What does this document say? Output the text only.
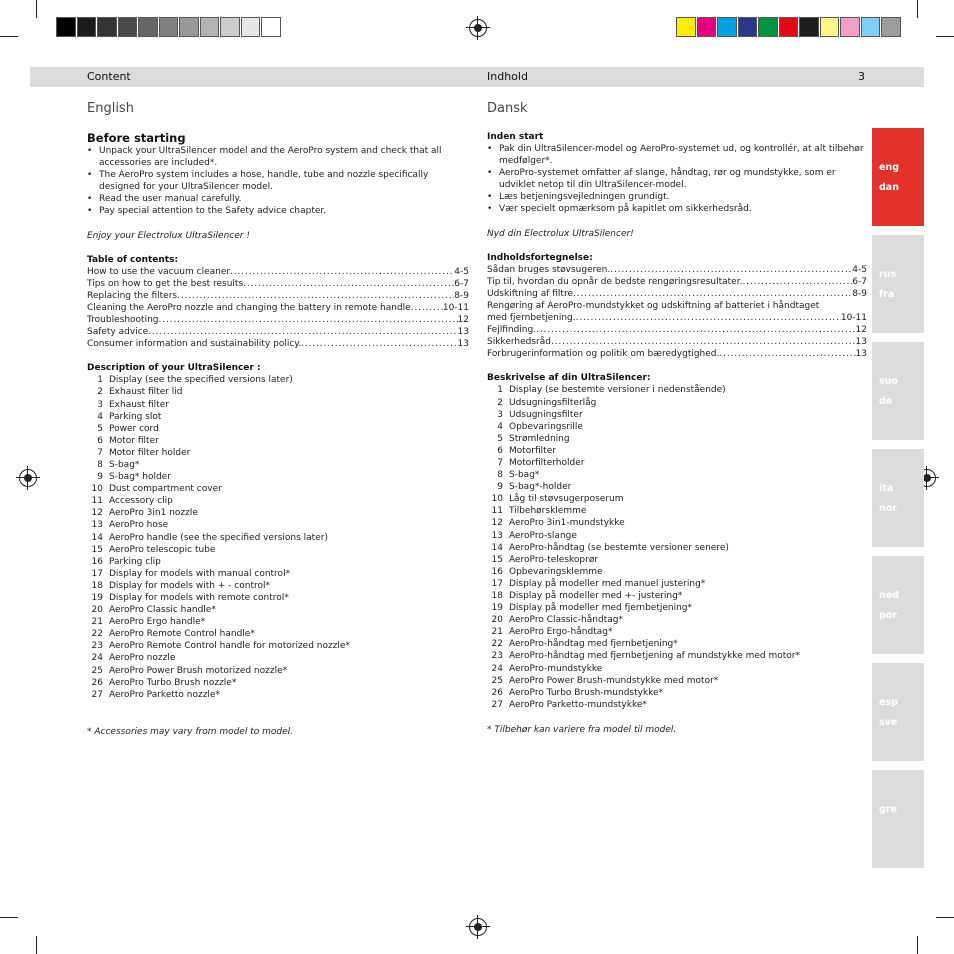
Content	Indhold	3
English
Before starting
• Unpack your UltraSilencer model and the AeroPro system and check that all accessories are included*.
• The AeroPro system includes a hose, handle, tube and nozzle specifically designed for your UltraSilencer model.
• Read the user manual carefully.
• Pay special attention to the Safety advice chapter.
Enjoy your Electrolux UltraSilencer !
Table of contents:
How to use the vacuum cleaner . . .	4-5
Tips on how to get the best results . . .	6-7
Replacing the filters . . .	8-9
Cleaning the AeroPro nozzle and changing the battery in remote handle . . .	10-11
Troubleshooting . . .	12
Safety advice . . .	13
Consumer information and sustainability policy. . . .	13
Description of your UltraSilencer :
1 Display (see the specified versions later)
2 Exhaust filter lid
3 Exhaust filter
4 Parking slot
5 Power cord
6 Motor filter
7 Motor filter holder
8 S-bag*
9 S-bag* holder
10 Dust compartment cover
11 Accessory clip
12 AeroPro 3in1 nozzle
13 AeroPro hose
14 AeroPro handle (see the specified versions later)
15 AeroPro telescopic tube
16 Parking clip
17 Display for models with manual control*
18 Display for models with + - control*
19 Display for models with remote control*
20 AeroPro Classic handle*
21 AeroPro Ergo handle*
22 AeroPro Remote Control handle*
23 AeroPro Remote Control handle for motorized nozzle*
24 AeroPro nozzle
25 AeroPro Power Brush motorized nozzle*
26 AeroPro Turbo Brush nozzle*
27 AeroPro Parketto nozzle*
* Accessories may vary from model to model.
Dansk
Inden start
• Pak din UltraSilencer-model og AeroPro-systemet ud, og kontrollér, at alt tilbehør medfølger*.
• AeroPro-systemet omfatter af slange, håndtag, rør og mundstykke, som er udviklet netop til din UltraSilencer-model.
• Læs betjeningsvejledningen grundigt.
• Vær specielt opmærksom på kapitlet om sikkerhedsråd.
Nyd din Electrolux UltraSilencer!
Indholdsfortegnelse:
Sådan bruges støvsugeren. . . .	4-5
Tip til, hvordan du opnår de bedste rengøringsresultater. . . .	6-7
Udskiftning af filtre . . .	8-9
Rengøring af AeroPro-mundstykket og udskiftning af batteriet i håndtaget
med fjernbetjening. . . .	10-11
Fejlfinding. . . .	12
Sikkerhedsråd . . .	13
Forbrugerinformation og politik om bæredygtighed. . . .	13
Beskrivelse af din UltraSilencer:
1 Display (se bestemte versioner i nedenstående)
2 Udsugningsfilterlåg
3 Udsugningsfilter
4 Opbevaringsrille
5 Strømledning
6 Motorfilter
7 Motorfilterholder
8 S-bag*
9 S-bag*-holder
10 Låg til støvsugerposerum
11 Tilbehørsklemme
12 AeroPro 3in1-mundstykke
13 AeroPro-slange
14 AeroPro-håndtag (se bestemte versioner senere)
15 AeroPro-teleskoprør
16 Opbevaringsklemme
17 Display på modeller med manuel justering*
18 Display på modeller med +- justering*
19 Display på modeller med fjernbetjening*
20 AeroPro Classic-håndtag*
21 AeroPro Ergo-håndtag*
22 AeroPro-håndtag med fjernbetjening*
23 AeroPro-håndtag med fjernbetjening af mundstykke med motor*
24 AeroPro-mundstykke
25 AeroPro Power Brush-mundstykke med motor*
26 AeroPro Turbo Brush-mundstykke*
27 AeroPro Parketto-mundstykke*
* Tilbehør kan variere fra model til model.
eng
dan
rus
fra
suo
de
ita
nor
ned
por
esp
sve
gre
